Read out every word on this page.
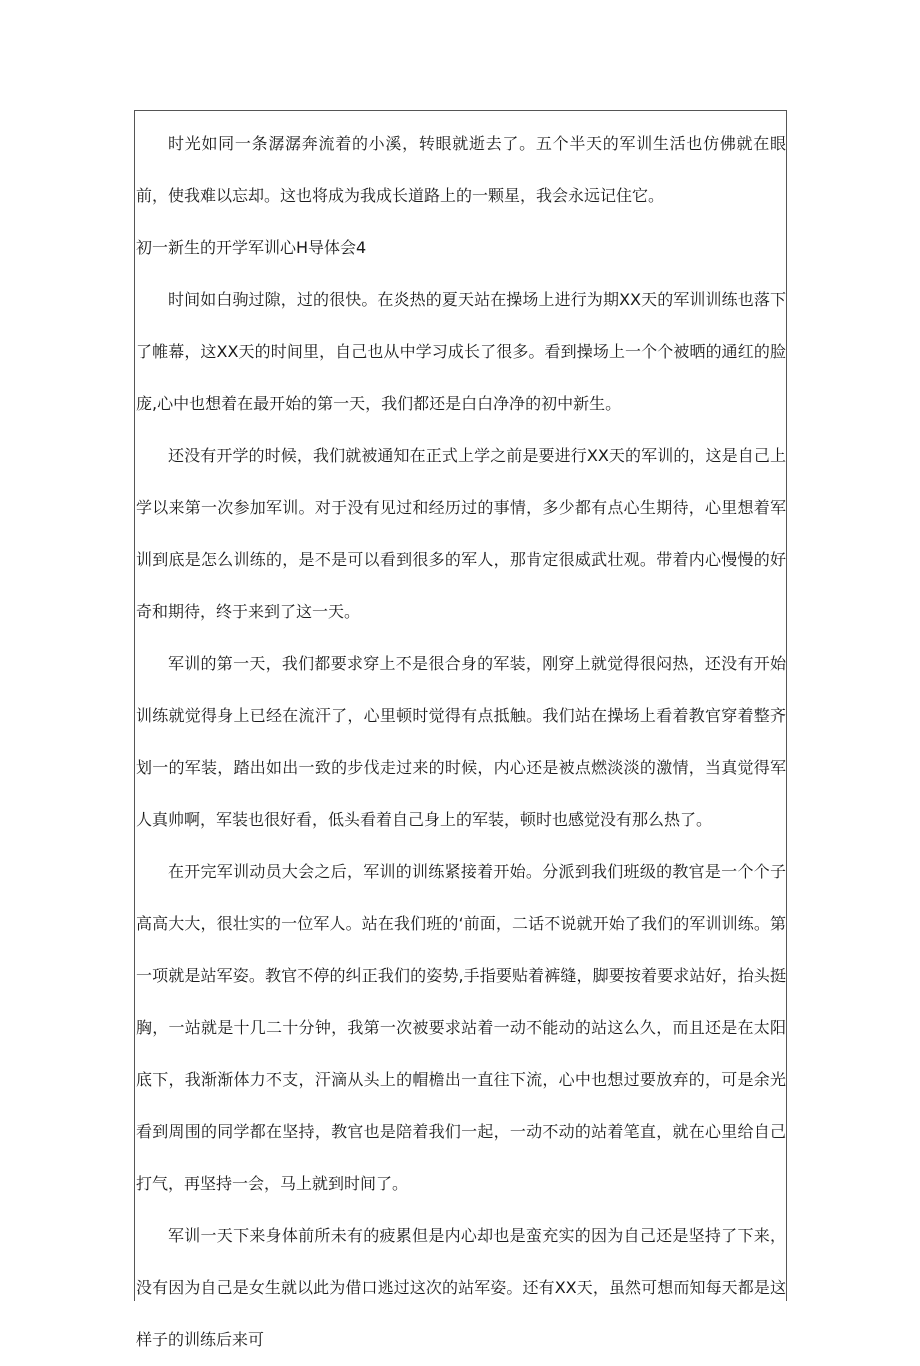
时光如同一条潺潺奔流着的小溪，转眼就逝去了。五个半天的军训生活也仿佛就在眼前，使我难以忘却。这也将成为我成长道路上的一颗星，我会永远记住它。

初一新生的开学军训心H导体会4

时间如白驹过隙，过的很快。在炎热的夏天站在操场上进行为期XX天的军训训练也落下了帷幕，这XX天的时间里，自己也从中学习成长了很多。看到操场上一个个被晒的通红的脸庞,心中也想着在最开始的第一天，我们都还是白白净净的初中新生。

还没有开学的时候，我们就被通知在正式上学之前是要进行XX天的军训的，这是自己上学以来第一次参加军训。对于没有见过和经历过的事情，多少都有点心生期待，心里想着军训到底是怎么训练的，是不是可以看到很多的军人，那肯定很威武壮观。带着内心慢慢的好奇和期待，终于来到了这一天。

军训的第一天，我们都要求穿上不是很合身的军装，刚穿上就觉得很闷热，还没有开始训练就觉得身上已经在流汗了，心里顿时觉得有点抵触。我们站在操场上看着教官穿着整齐划一的军装，踏出如出一致的步伐走过来的时候，内心还是被点燃淡淡的激情，当真觉得军人真帅啊，军装也很好看，低头看着自己身上的军装，顿时也感觉没有那么热了。

在开完军训动员大会之后，军训的训练紧接着开始。分派到我们班级的教官是一个个子高高大大，很壮实的一位军人。站在我们班的‘前面，二话不说就开始了我们的军训训练。第一项就是站军姿。教官不停的纠正我们的姿势,手指要贴着裤缝，脚要按着要求站好，抬头挺胸，一站就是十几二十分钟，我第一次被要求站着一动不能动的站这么久，而且还是在太阳底下，我渐渐体力不支，汗滴从头上的帽檐出一直往下流，心中也想过要放弃的，可是余光看到周围的同学都在坚持，教官也是陪着我们一起，一动不动的站着笔直，就在心里给自己打气，再坚持一会，马上就到时间了。

军训一天下来身体前所未有的疲累但是内心却也是蛮充实的因为自己还是坚持了下来，没有因为自己是女生就以此为借口逃过这次的站军姿。还有XX天，虽然可想而知每天都是这样子的训练后来可
